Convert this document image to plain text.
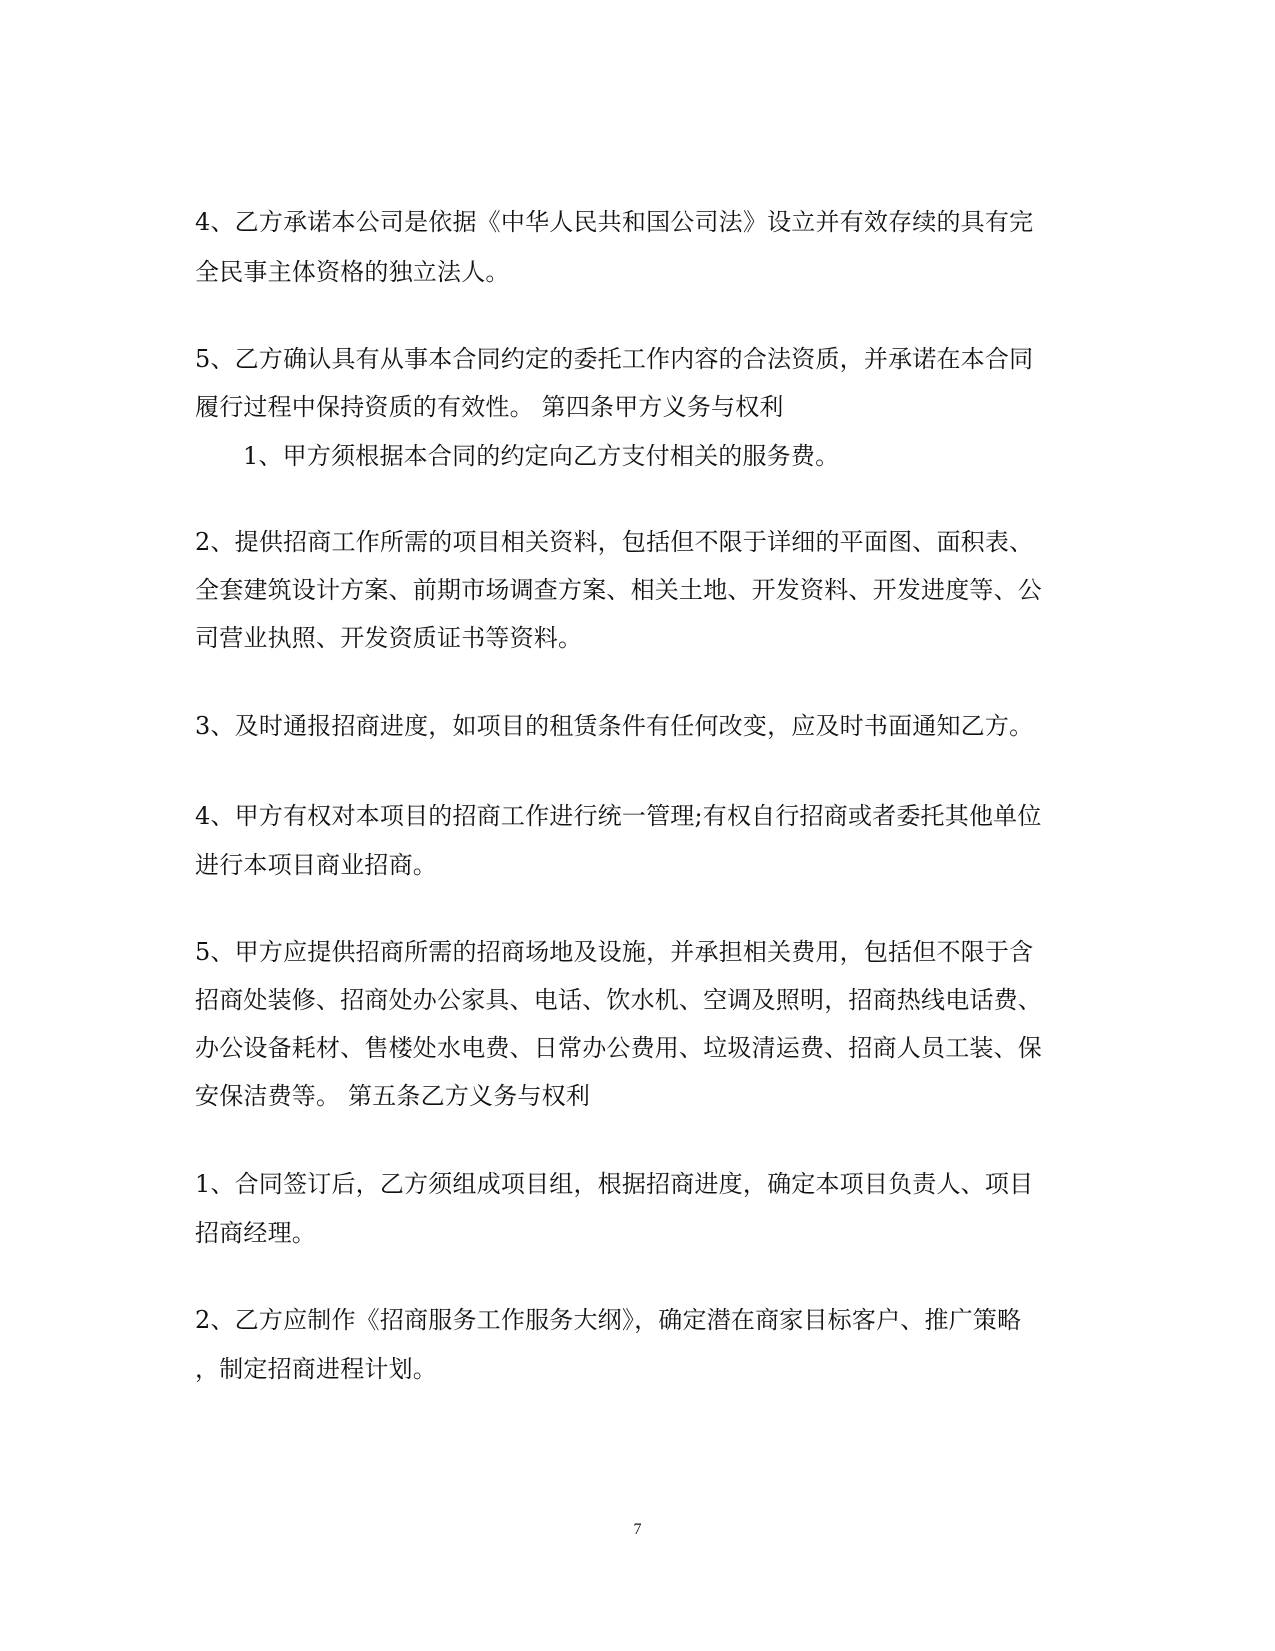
4、乙方承诺本公司是依据《中华人民共和国公司法》设立并有效存续的具有完
全民事主体资格的独立法人。
5、乙方确认具有从事本合同约定的委托工作内容的合法资质，并承诺在本合同
履行过程中保持资质的有效性。 第四条甲方义务与权利
1、甲方须根据本合同的约定向乙方支付相关的服务费。
2、提供招商工作所需的项目相关资料，包括但不限于详细的平面图、面积表、
全套建筑设计方案、前期市场调查方案、相关土地、开发资料、开发进度等、公
司营业执照、开发资质证书等资料。
3、及时通报招商进度，如项目的租赁条件有任何改变，应及时书面通知乙方。
4、甲方有权对本项目的招商工作进行统一管理;有权自行招商或者委托其他单位
进行本项目商业招商。
5、甲方应提供招商所需的招商场地及设施，并承担相关费用，包括但不限于含
招商处装修、招商处办公家具、电话、饮水机、空调及照明，招商热线电话费、
办公设备耗材、售楼处水电费、日常办公费用、垃圾清运费、招商人员工装、保
安保洁费等。 第五条乙方义务与权利
1、合同签订后，乙方须组成项目组，根据招商进度，确定本项目负责人、项目
招商经理。
2、乙方应制作《招商服务工作服务大纲》，确定潜在商家目标客户、推广策略
，制定招商进程计划。
7
